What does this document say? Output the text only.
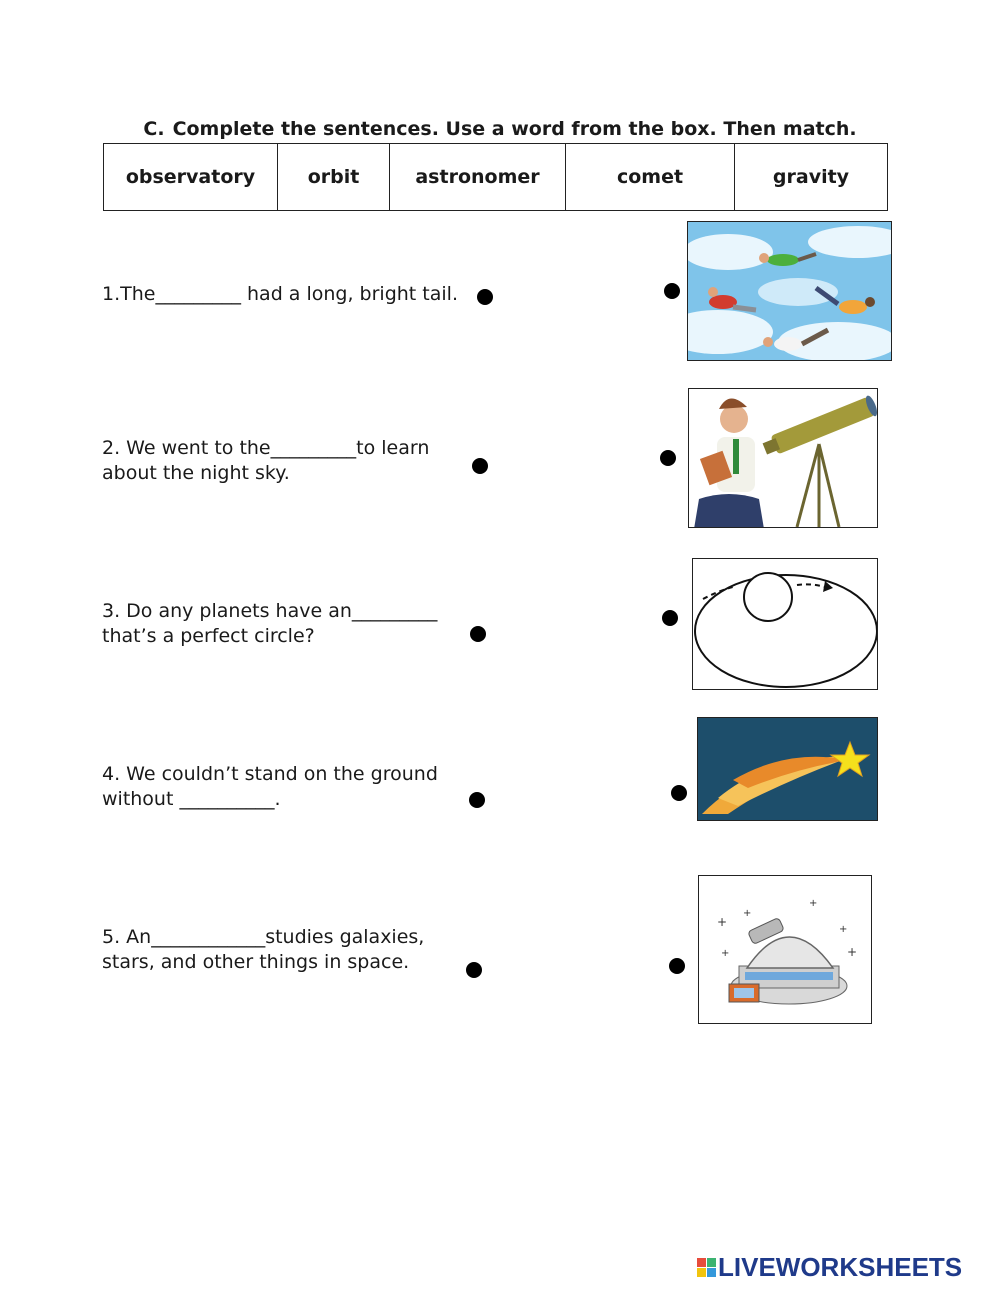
C. Complete the sentences. Use a word from the box. Then match.
observatory	orbit	astronomer	comet	gravity
1.The_________ had a long, bright tail.
2. We went to the_________to learn
about the night sky.
3. Do any planets have an_________
that’s a perfect circle?
4. We couldn’t stand on the ground
without __________.
5. An____________studies galaxies,
stars, and other things in space.
+
+
+
+
+
+
LIVEWORKSHEETS
